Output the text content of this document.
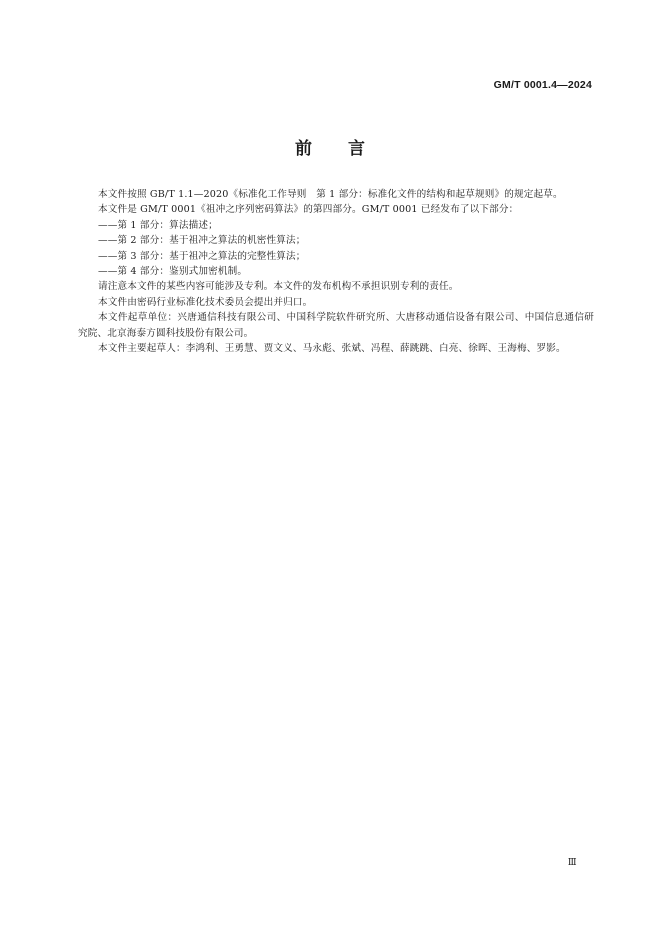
GM/T 0001.4—2024
前 言

本文件按照 GB/T 1.1—2020《标准化工作导则　第 1 部分：标准化文件的结构和起草规则》的规定起草。

本文件是 GM/T 0001《祖冲之序列密码算法》的第四部分。GM/T 0001 已经发布了以下部分：

——第 1 部分：算法描述；

——第 2 部分：基于祖冲之算法的机密性算法；

——第 3 部分：基于祖冲之算法的完整性算法；

——第 4 部分：鉴别式加密机制。

请注意本文件的某些内容可能涉及专利。本文件的发布机构不承担识别专利的责任。

本文件由密码行业标准化技术委员会提出并归口。

本文件起草单位：兴唐通信科技有限公司、中国科学院软件研究所、大唐移动通信设备有限公司、中国信息通信研究院、北京海泰方圆科技股份有限公司。

本文件主要起草人：李鸿利、王勇慧、贾文义、马永彪、张斌、冯程、薛跳跳、白亮、徐晖、王海梅、罗影。

Ⅲ
